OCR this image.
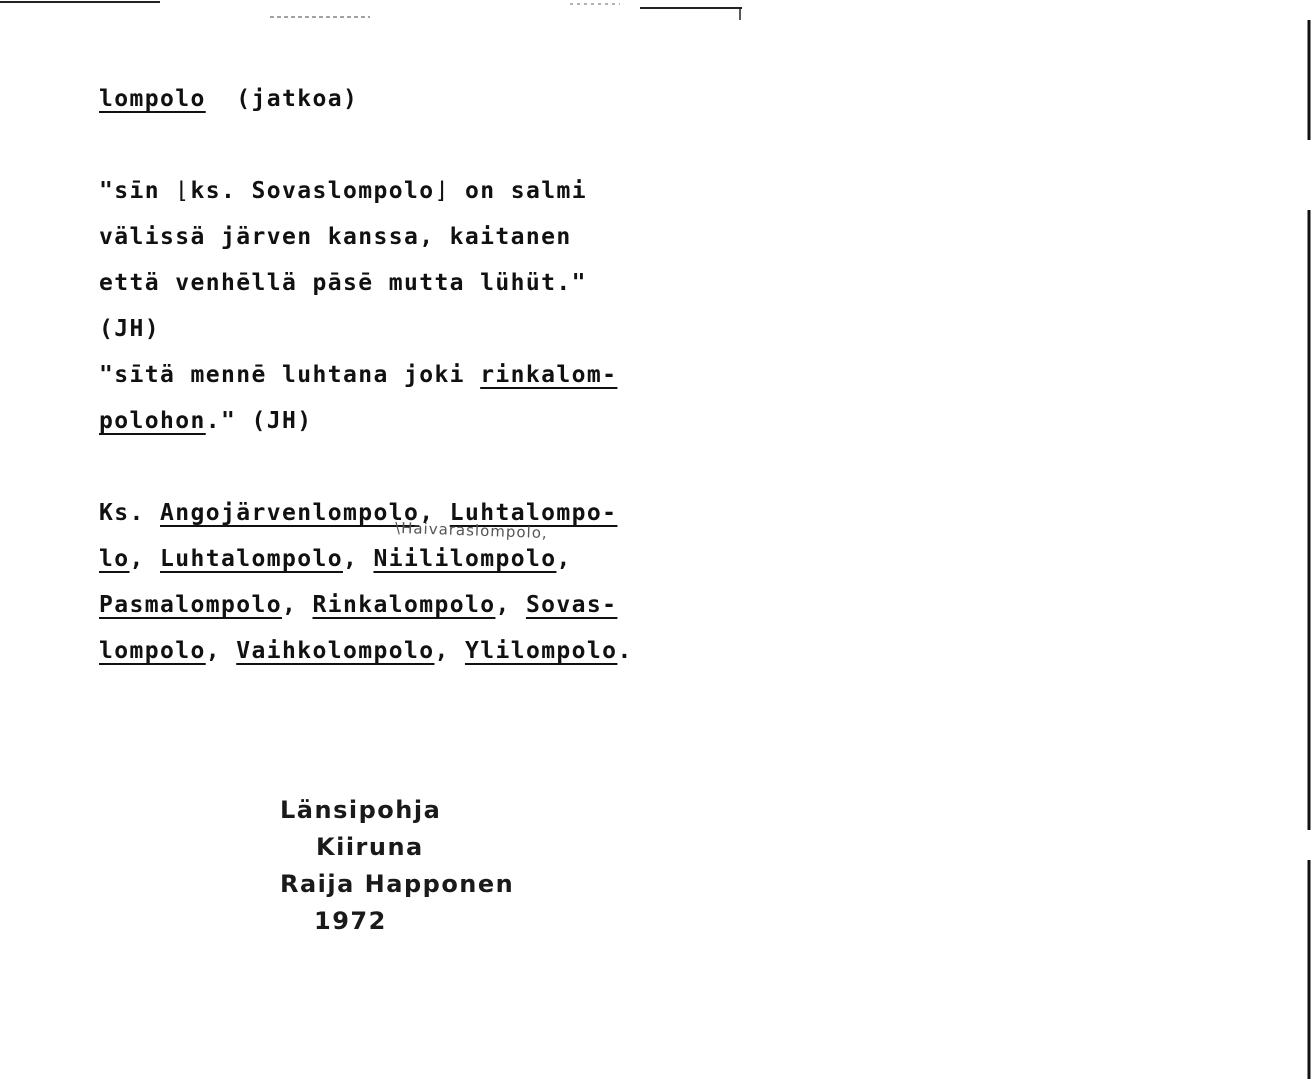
lompolo (jatkoa)
"sīn ⌊ks. Sovaslompolo⌋ on salmi
välissä järven kanssa, kaitanen
että venhēllä pāsē mutta lühüt."
(JH)
"sītä mennē luhtana joki rinkalom-
polohon." (JH)
Ks. Angojärvenlompolo, Luhtalompo-
lo, Luhtalompolo, Niililompolo,
Pasmalompolo, Rinkalompolo, Sovas-
lompolo, Vaihkolompolo, Ylilompolo.
\Haivaraslompolo,
Länsipohja
Kiiruna
Raija Happonen
1972
